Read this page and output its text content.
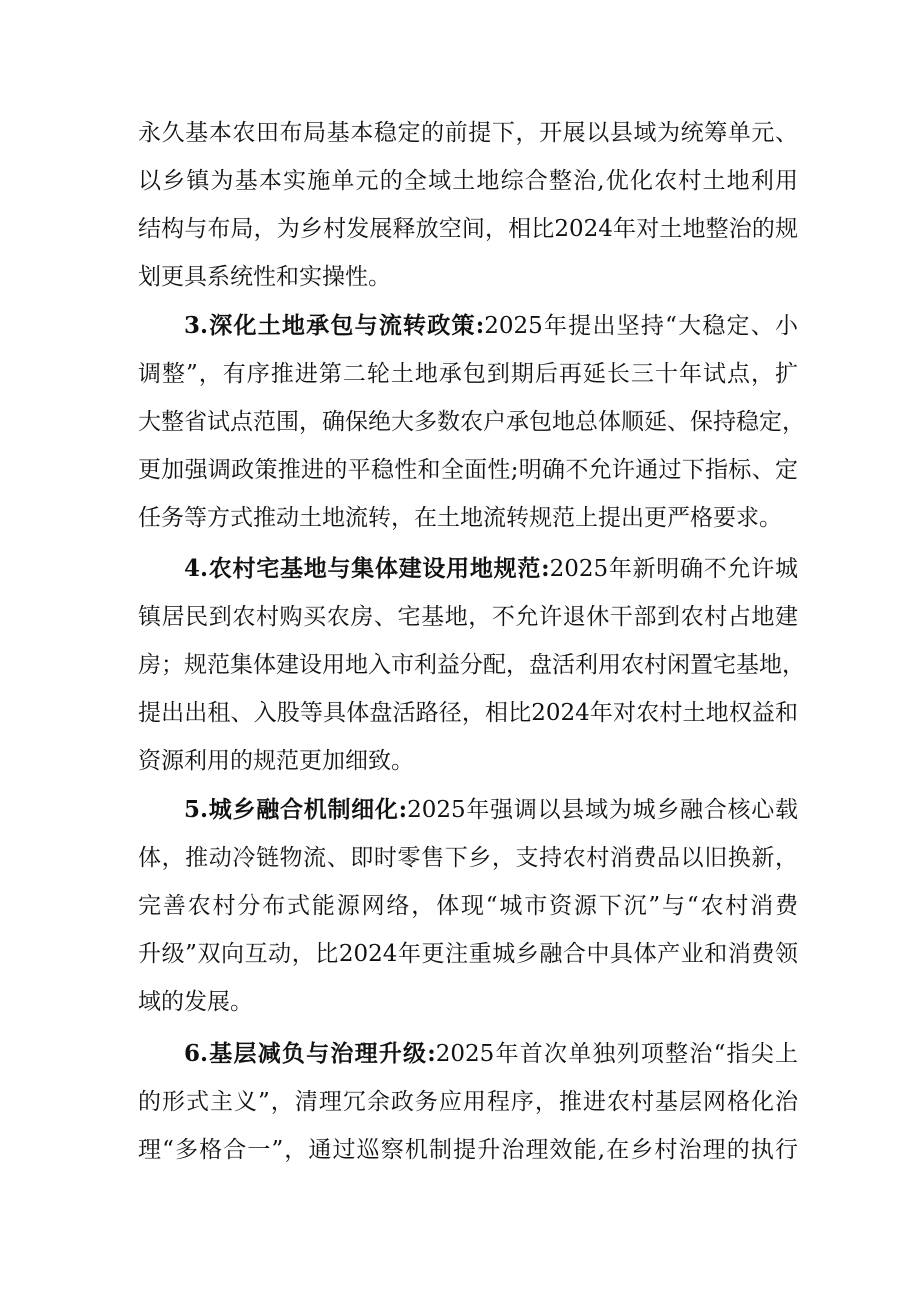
永久基本农田布局基本稳定的前提下，开展以县域为统筹单元、
以乡镇为基本实施单元的全域土地综合整治,优化农村土地利用
结构与布局，为乡村发展释放空间，相比2024年对土地整治的规
划更具系统性和实操性。
3.深化土地承包与流转政策:2025年提出坚持“大稳定、小
调整”，有序推进第二轮土地承包到期后再延长三十年试点，扩
大整省试点范围，确保绝大多数农户承包地总体顺延、保持稳定，
更加强调政策推进的平稳性和全面性;明确不允许通过下指标、定
任务等方式推动土地流转，在土地流转规范上提出更严格要求。
4.农村宅基地与集体建设用地规范:2025年新明确不允许城
镇居民到农村购买农房、宅基地，不允许退休干部到农村占地建
房；规范集体建设用地入市利益分配，盘活利用农村闲置宅基地，
提出出租、入股等具体盘活路径，相比2024年对农村土地权益和
资源利用的规范更加细致。
5.城乡融合机制细化:2025年强调以县域为城乡融合核心载
体，推动冷链物流、即时零售下乡，支持农村消费品以旧换新，
完善农村分布式能源网络，体现“城市资源下沉”与“农村消费
升级”双向互动，比2024年更注重城乡融合中具体产业和消费领
域的发展。
6.基层减负与治理升级:2025年首次单独列项整治“指尖上
的形式主义”，清理冗余政务应用程序，推进农村基层网格化治
理“多格合一”，通过巡察机制提升治理效能,在乡村治理的执行
